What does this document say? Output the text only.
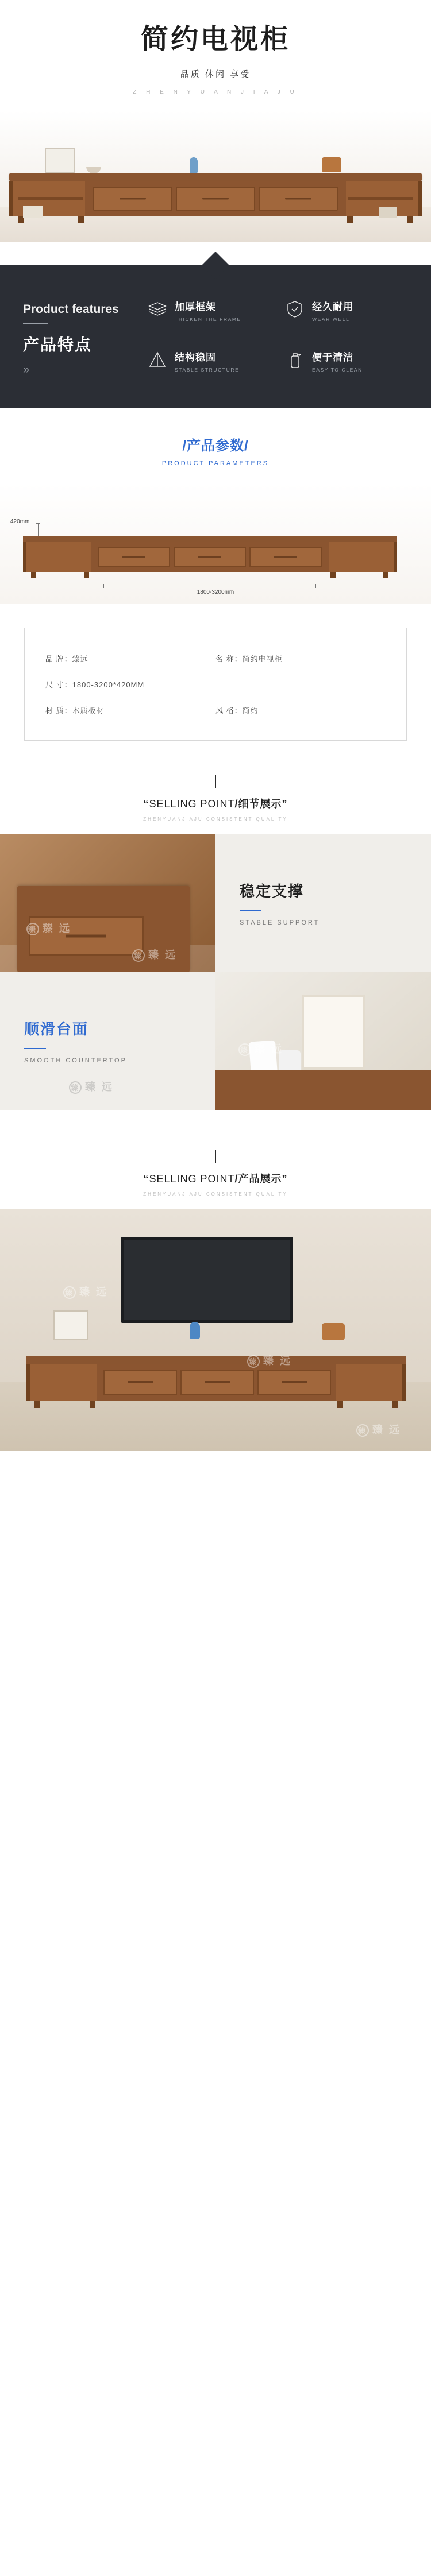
简约电视柜
品质 休闲 享受
Z H E N Y U A N J I A J U
Product features
产品特点
»
加厚框架
THICKEN THE FRAME
经久耐用
WEAR WELL
结构稳固
STABLE STRUCTURE
便于清洁
EASY TO CLEAN
/产品参数/
PRODUCT PARAMETERS
420mm
1800-3200mm
品 牌：臻远	名 称：简约电视柜
尺 寸：1800-3200*420MM
材 质：木质板材	风 格：简约
“SELLING POINT/细节展示”
ZHENYUANJIAJU CONSISTENT QUALITY
臻 臻 远
臻 臻 远
稳定支撑
STABLE SUPPORT
顺滑台面
SMOOTH COUNTERTOP
臻 臻 远
臻 臻 远
“SELLING POINT/产品展示”
ZHENYUANJIAJU CONSISTENT QUALITY
臻 臻 远
臻 臻 远
臻 臻 远
